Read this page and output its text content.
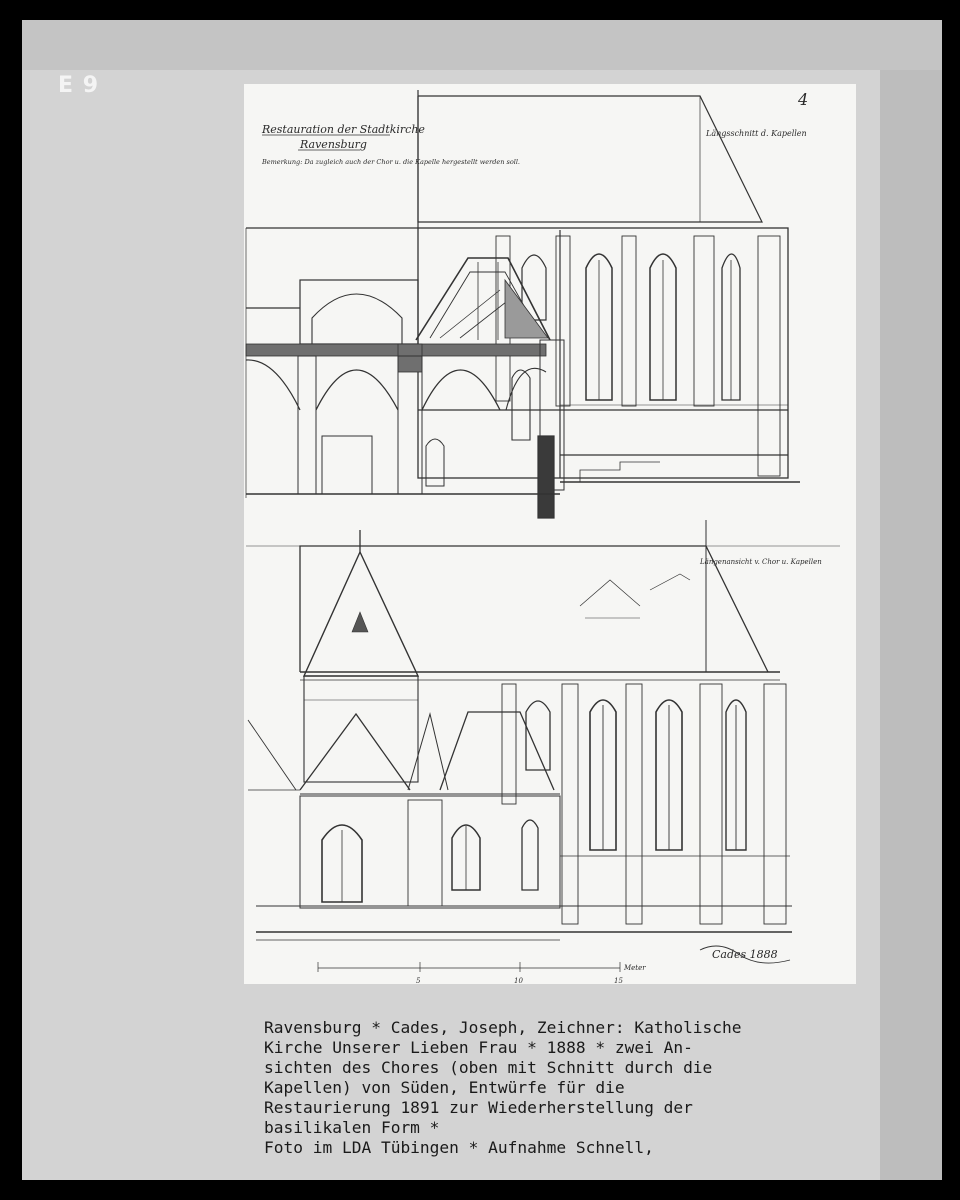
E 9
4
Restauration der Stadtkirche
Ravensburg
Bemerkung: Da zugleich auch der Chor u. die Kapelle hergestellt werden soll.
Längsschnitt d. Kapellen
Längenansicht v. Chor u. Kapellen
5	10	15
Meter
Cades 1888
Ravensburg * Cades, Joseph, Zeichner: Katholische
Kirche Unserer Lieben Frau * 1888 * zwei An-
sichten des Chores (oben mit Schnitt durch die
Kapellen) von Süden, Entwürfe für die
Restaurierung 1891 zur Wiederherstellung der
basilikalen Form *
Foto im LDA Tübingen * Aufnahme Schnell,
